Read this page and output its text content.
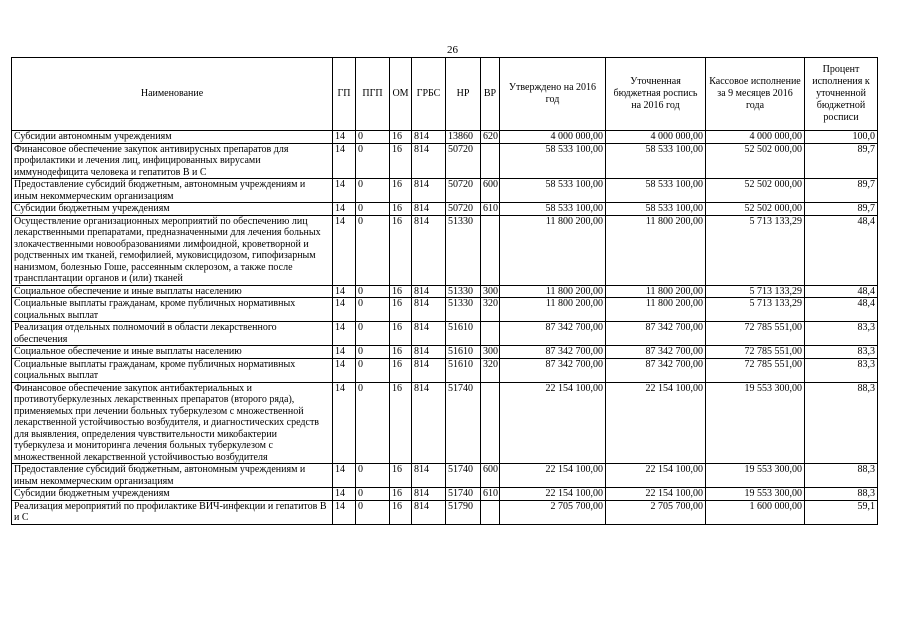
26
Наименование	ГП	ПГП	ОМ	ГРБС	НР	ВР	Утверждено на 2016 год	Уточненная бюджетная роспись на 2016 год	Кассовое исполнение за 9 месяцев 2016 года	Процент исполнения к уточненной бюджетной росписи
Субсидии автономным учреждениям	14	0	16	814	13860	620	4 000 000,00	4 000 000,00	4 000 000,00	100,0
Финансовое обеспечение закупок антивирусных препаратов для профилактики и лечения лиц, инфицированных вирусами иммунодефицита человека и гепатитов В и С	14	0	16	814	50720		58 533 100,00	58 533 100,00	52 502 000,00	89,7
Предоставление субсидий бюджетным, автономным учреждениям и иным некоммерческим организациям	14	0	16	814	50720	600	58 533 100,00	58 533 100,00	52 502 000,00	89,7
Субсидии бюджетным учреждениям	14	0	16	814	50720	610	58 533 100,00	58 533 100,00	52 502 000,00	89,7
Осуществление организационных мероприятий по обеспечению лиц лекарственными препаратами, предназначенными для лечения больных злокачественными новообразованиями лимфоидной, кроветворной и родственных им тканей, гемофилией, муковисцидозом, гипофизарным нанизмом, болезнью Гоше, рассеянным склерозом, а также после трансплантации органов и (или) тканей	14	0	16	814	51330		11 800 200,00	11 800 200,00	5 713 133,29	48,4
Социальное обеспечение и иные выплаты населению	14	0	16	814	51330	300	11 800 200,00	11 800 200,00	5 713 133,29	48,4
Социальные выплаты гражданам, кроме публичных нормативных социальных выплат	14	0	16	814	51330	320	11 800 200,00	11 800 200,00	5 713 133,29	48,4
Реализация отдельных полномочий в области лекарственного обеспечения	14	0	16	814	51610		87 342 700,00	87 342 700,00	72 785 551,00	83,3
Социальное обеспечение и иные выплаты населению	14	0	16	814	51610	300	87 342 700,00	87 342 700,00	72 785 551,00	83,3
Социальные выплаты гражданам, кроме публичных нормативных социальных выплат	14	0	16	814	51610	320	87 342 700,00	87 342 700,00	72 785 551,00	83,3
Финансовое обеспечение закупок антибактериальных и противотуберкулезных лекарственных препаратов (второго ряда), применяемых при лечении больных туберкулезом с множественной лекарственной устойчивостью возбудителя, и диагностических средств для выявления, определения чувствительности микобактерии туберкулеза и мониторинга лечения больных туберкулезом с множественной лекарственной устойчивостью возбудителя	14	0	16	814	51740		22 154 100,00	22 154 100,00	19 553 300,00	88,3
Предоставление субсидий бюджетным, автономным учреждениям и иным некоммерческим организациям	14	0	16	814	51740	600	22 154 100,00	22 154 100,00	19 553 300,00	88,3
Субсидии бюджетным учреждениям	14	0	16	814	51740	610	22 154 100,00	22 154 100,00	19 553 300,00	88,3
Реализация мероприятий по профилактике ВИЧ-инфекции и гепатитов В и С	14	0	16	814	51790		2 705 700,00	2 705 700,00	1 600 000,00	59,1
